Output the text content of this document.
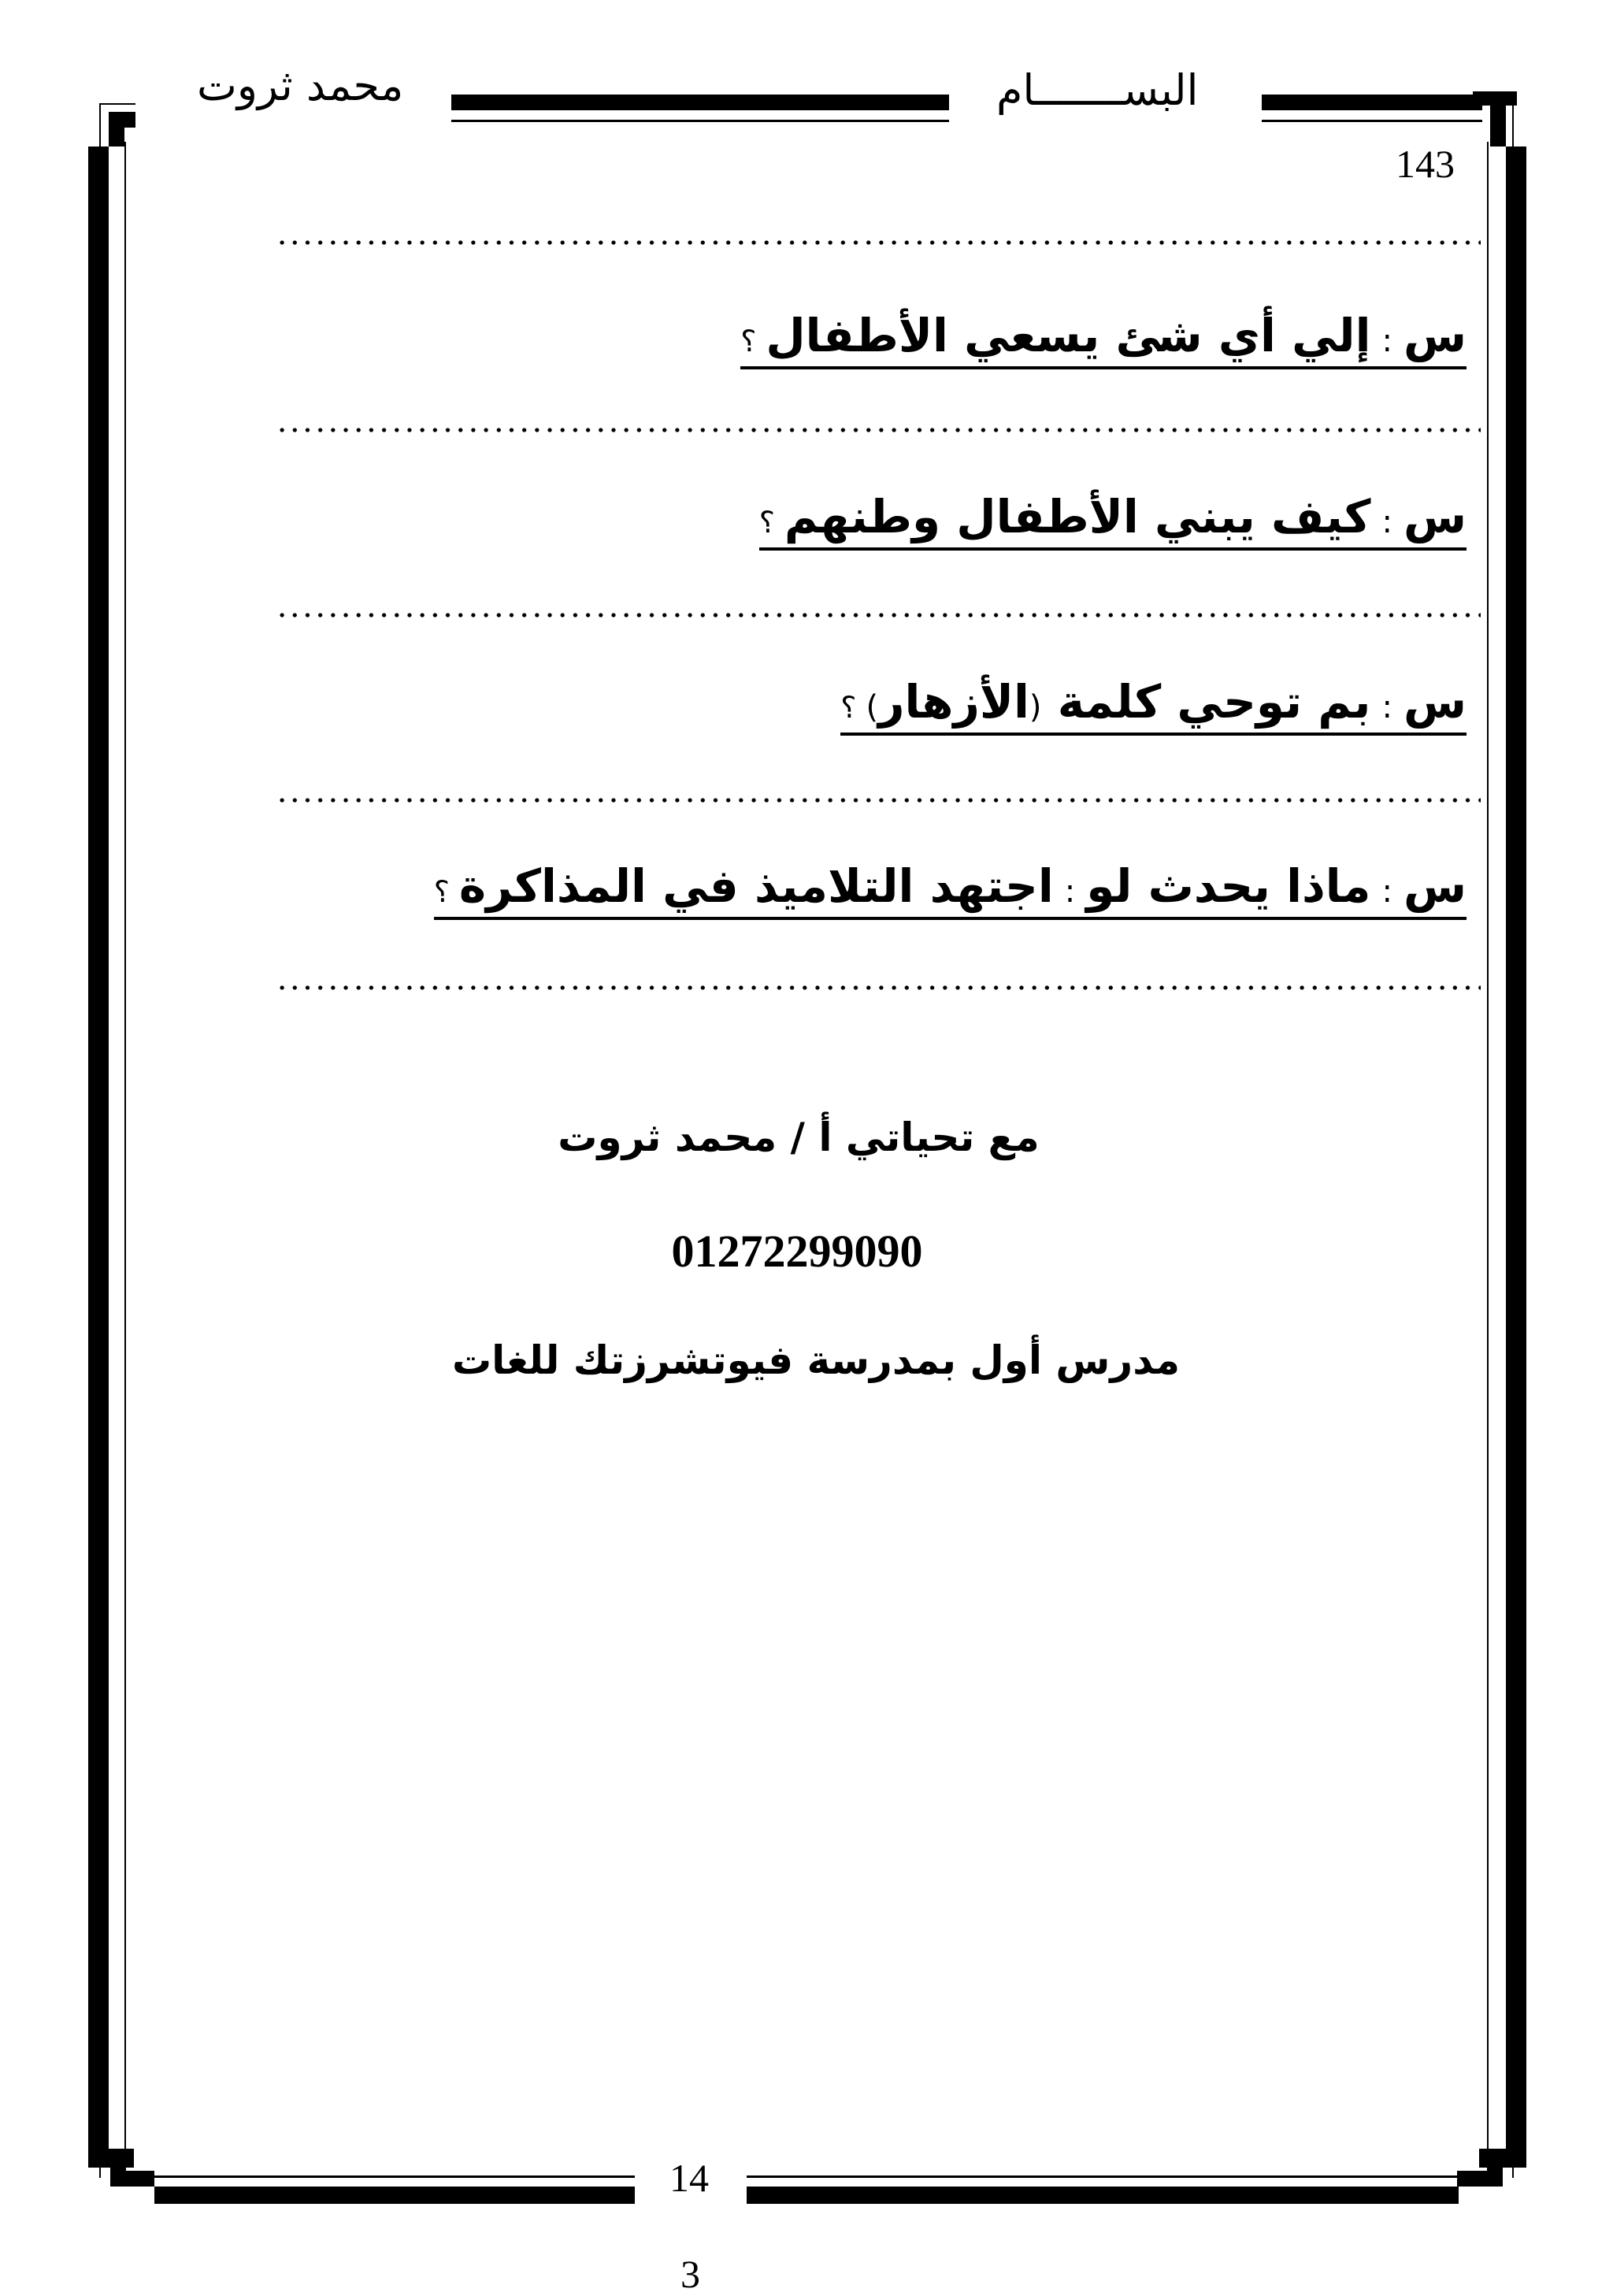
محمد ثروت	البســـــــام
143
س:إلي أي شئ يسعي الأطفال؟
س:كيف يبني الأطفال وطنهم؟
س:بم توحي كلمة (الأزهار)؟
س:ماذا يحدث لو:اجتهد التلاميذ في المذاكرة؟
مع تحياتي أ / محمد ثروت
01272299090
مدرس أول بمدرسة فيوتشرزتك للغات
14
3
